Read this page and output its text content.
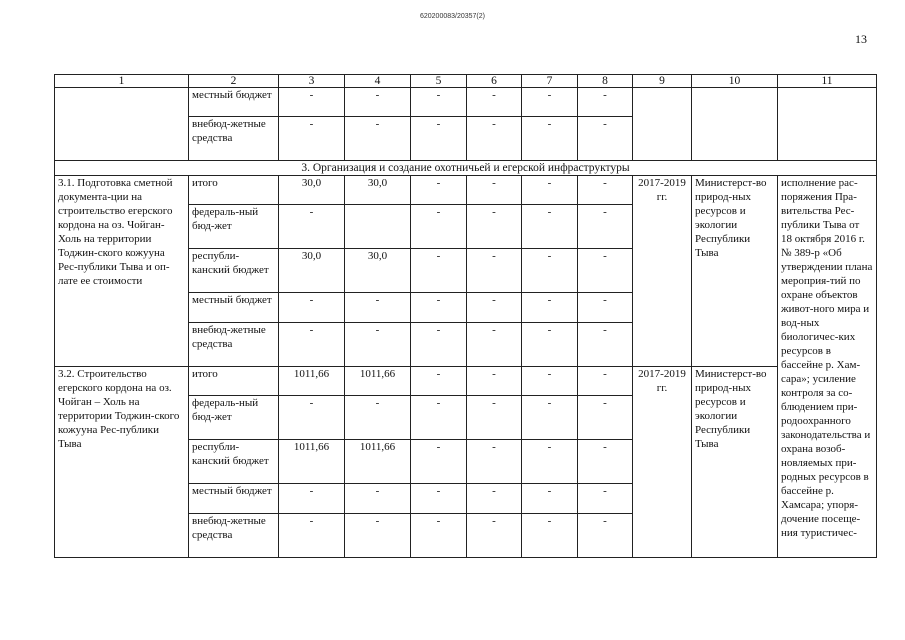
620200083/20357(2)
13
1	2	3	4	5	6	7	8	9	10	11
	местный бюджет	-	-	-	-	-	-			
	внебюд-жетные средства	-	-	-	-	-	-			
3. Организация и создание охотничьей и егерской инфраструктуры										
3.1. Подготовка сметной документа-ции на строительство егерского кордона на оз. Чойган-Холь на территории Тоджин-ского кожууна Рес-публики Тыва и оп-лате ее стоимости	итого	30,0	30,0	-	-	-	-	2017-2019 гг.	Министерст-во природ-ных ресурсов и экологии Республики Тыва	исполнение рас-поряжения Пра-вительства Рес-публики Тыва от 18 октября 2016 г. № 389-р «Об утверждении плана мероприя-тий по охране объектов живот-ного мира и вод-ных биологичес-ких ресурсов в бассейне р. Хам-сара»; усиление контроля за со-блюдением при-родоохранного законодательства и охрана возоб-новляемых при-родных ресурсов в бассейне р. Хамсара; упоря-дочение посеще-ния туристичес-
	федераль-ный бюд-жет	-		-	-	-	-			
	республи-канский бюджет	30,0	30,0	-	-	-	-			
	местный бюджет	-	-	-	-	-	-			
	внебюд-жетные средства	-	-	-	-	-	-			
3.2. Строительство егерского кордона на оз. Чойган – Холь на территории Тоджин-ского кожууна Рес-публики Тыва	итого	1011,66	1011,66	-	-	-	-	2017-2019 гг.	Министерст-во природ-ных ресурсов и экологии Республики Тыва	
	федераль-ный бюд-жет	-	-	-	-	-	-			
	республи-канский бюджет	1011,66	1011,66	-	-	-	-			
	местный бюджет	-	-	-	-	-	-			
	внебюд-жетные средства	-	-	-	-	-	-			
